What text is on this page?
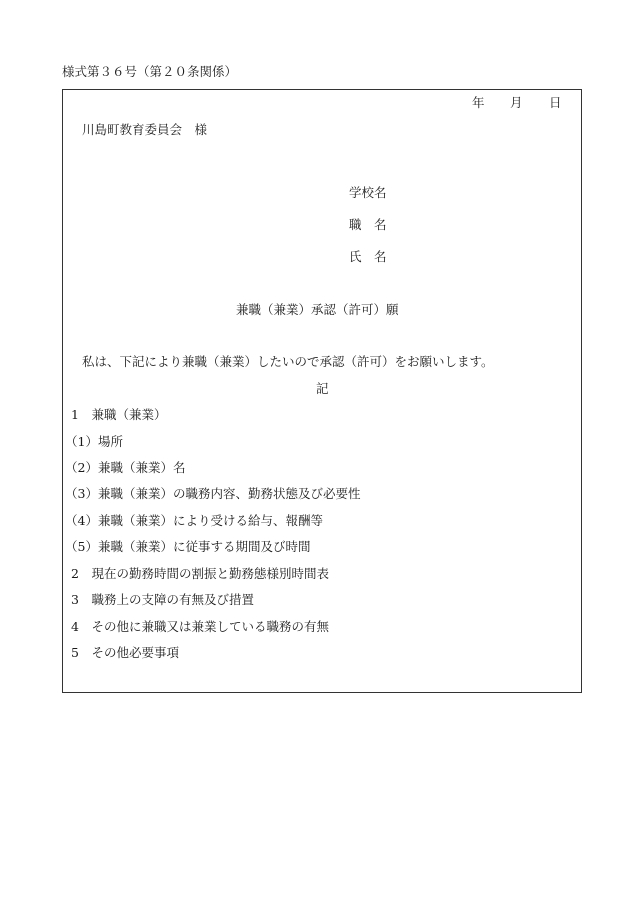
様式第３６号（第２０条関係）
年 月 日
川島町教育委員会　様
学校名
職　名
氏　名
兼職（兼業）承認（許可）願
私は、下記により兼職（兼業）したいので承認（許可）をお願いします。
記
1　兼職（兼業）
（1）場所
（2）兼職（兼業）名
（3）兼職（兼業）の職務内容、勤務状態及び必要性
（4）兼職（兼業）により受ける給与、報酬等
（5）兼職（兼業）に従事する期間及び時間
2　現在の勤務時間の割振と勤務態様別時間表
3　職務上の支障の有無及び措置
4　その他に兼職又は兼業している職務の有無
5　その他必要事項
